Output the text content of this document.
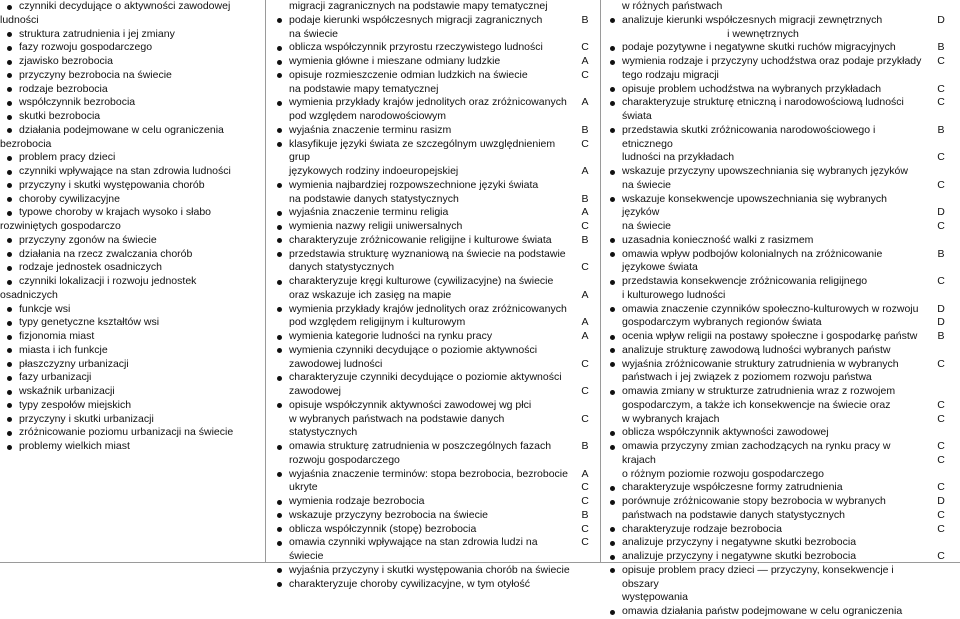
czynniki decydujące o aktywności zawodowej
ludności
struktura zatrudnienia i jej zmiany
fazy rozwoju gospodarczego
zjawisko bezrobocia
przyczyny bezrobocia na świecie
rodzaje bezrobocia
współczynnik bezrobocia
skutki bezrobocia
działania podejmowane w celu ograniczenia
bezrobocia
problem pracy dzieci
czynniki wpływające na stan zdrowia ludności
przyczyny i skutki występowania chorób
choroby cywilizacyjne
typowe choroby w krajach wysoko i słabo
rozwiniętych gospodarczo
przyczyny zgonów na świecie
działania na rzecz zwalczania chorób
rodzaje jednostek osadniczych
czynniki lokalizacji i rozwoju jednostek
osadniczych
funkcje wsi
typy genetyczne kształtów wsi
fizjonomia miast
miasta i ich funkcje
płaszczyzny urbanizacji
fazy urbanizacji
wskaźnik urbanizacji
typy zespołów miejskich
przyczyny i skutki urbanizacji
zróżnicowanie poziomu urbanizacji na świecie
problemy wielkich miast
migracji zagranicznych na podstawie mapy tematycznej
podaje kierunki współczesnych migracji zagranicznych
na świecie
oblicza współczynnik przyrostu rzeczywistego ludności
wymienia główne i mieszane odmiany ludzkie
opisuje rozmieszczenie odmian ludzkich na świecie
na podstawie mapy tematycznej
wymienia przykłady krajów jednolitych oraz zróżnicowanych
pod względem narodowościowym
wyjaśnia znaczenie terminu rasizm
klasyfikuje języki świata ze szczególnym uwzględnieniem grup
językowych rodziny indoeuropejskiej
wymienia najbardziej rozpowszechnione języki świata
na podstawie danych statystycznych
wyjaśnia znaczenie terminu religia
wymienia nazwy religii uniwersalnych
charakteryzuje zróżnicowanie religijne i kulturowe świata
przedstawia strukturę wyznaniową na świecie na podstawie
danych statystycznych
charakteryzuje kręgi kulturowe (cywilizacyjne) na świecie
oraz wskazuje ich zasięg na mapie
wymienia przykłady krajów jednolitych oraz zróżnicowanych
pod względem religijnym i kulturowym
wymienia kategorie ludności na rynku pracy
wymienia czynniki decydujące o poziomie aktywności
zawodowej ludności
charakteryzuje czynniki decydujące o poziomie aktywności
zawodowej
opisuje współczynnik aktywności zawodowej wg płci
w wybranych państwach na podstawie danych statystycznych
omawia strukturę zatrudnienia w poszczególnych fazach
rozwoju gospodarczego
wyjaśnia znaczenie terminów: stopa bezrobocia, bezrobocie
ukryte
wymienia rodzaje bezrobocia
wskazuje przyczyny bezrobocia na świecie
oblicza współczynnik (stopę) bezrobocia
omawia czynniki wpływające na stan zdrowia ludzi na świecie
wyjaśnia przyczyny i skutki występowania chorób na świecie
charakteryzuje choroby cywilizacyjne, w tym otyłość
B
C
A
C
A
B
C
A
B
A
C
B
C
A
A
A
C
C
C
B
A
C
C
B
C
C
w różnych państwach
analizuje kierunki współczesnych migracji zewnętrznych
i wewnętrznych
podaje pozytywne i negatywne skutki ruchów migracyjnych
wymienia rodzaje i przyczyny uchodźstwa oraz podaje przykłady
tego rodzaju migracji
opisuje problem uchodźstwa na wybranych przykładach
charakteryzuje strukturę etniczną i narodowościową ludności
świata
przedstawia skutki zróżnicowania narodowościowego i etnicznego
ludności na przykładach
wskazuje przyczyny upowszechniania się wybranych języków
na świecie
wskazuje konsekwencje upowszechniania się wybranych języków
na świecie
uzasadnia konieczność walki z rasizmem
omawia wpływ podbojów kolonialnych na zróżnicowanie
językowe świata
przedstawia konsekwencje zróżnicowania religijnego
i kulturowego ludności
omawia znaczenie czynników społeczno-kulturowych w rozwoju
gospodarczym wybranych regionów świata
ocenia wpływ religii na postawy społeczne i gospodarkę państw
analizuje strukturę zawodową ludności wybranych państw
wyjaśnia zróżnicowanie struktury zatrudnienia w wybranych
państwach i jej związek z poziomem rozwoju państwa
omawia zmiany w strukturze zatrudnienia wraz z rozwojem
gospodarczym, a także ich konsekwencje na świecie oraz
w wybranych krajach
oblicza współczynnik aktywności zawodowej
omawia przyczyny zmian zachodzących na rynku pracy w krajach
o różnym poziomie rozwoju gospodarczego
charakteryzuje współczesne formy zatrudnienia
porównuje zróżnicowanie stopy bezrobocia w wybranych
państwach na podstawie danych statystycznych
charakteryzuje rodzaje bezrobocia
analizuje przyczyny i negatywne skutki bezrobocia
analizuje przyczyny i negatywne skutki bezrobocia
opisuje problem pracy dzieci — przyczyny, konsekwencje i obszary
występowania
omawia działania państw podejmowane w celu ograniczenia
D
B
C
C
C
B
C
C
D
C
B
C
D
D
B
C
C
C
C
C
C
D
C
C
C
